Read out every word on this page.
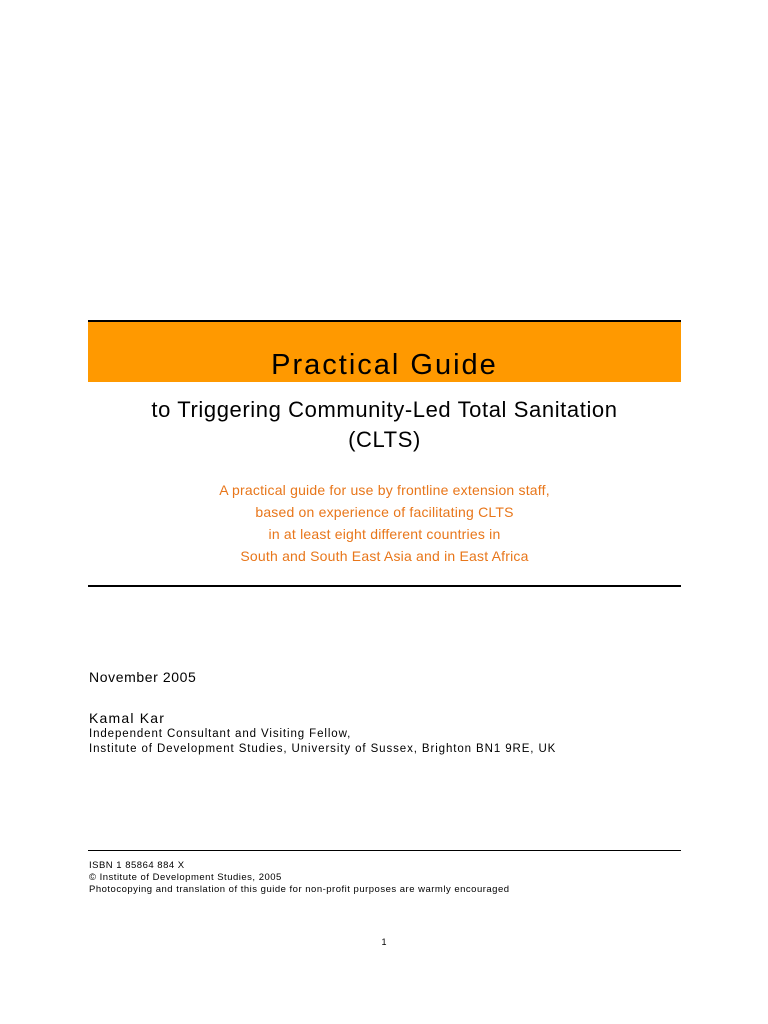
Practical Guide
to Triggering Community-Led Total Sanitation
(CLTS)
A practical guide for use by frontline extension staff,
based on experience of facilitating CLTS
in at least eight different countries in
South and South East Asia and in East Africa
November 2005
Kamal Kar
Independent Consultant and Visiting Fellow,
Institute of Development Studies, University of Sussex, Brighton BN1 9RE, UK
ISBN 1 85864 884 X
© Institute of Development Studies, 2005
Photocopying and translation of this guide for non-profit purposes are warmly encouraged
1
